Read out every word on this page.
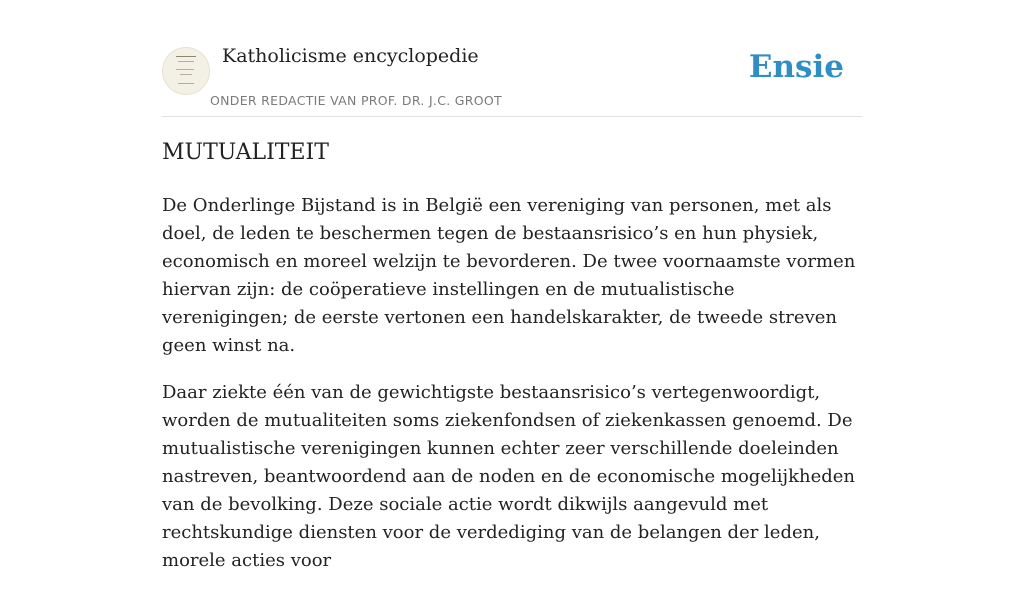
Katholicisme encyclopedie
ONDER REDACTIE VAN PROF. DR. J.C. GROOT
Ensie
MUTUALITEIT

De Onderlinge Bijstand is in België een vereniging van personen, met als doel, de leden te beschermen tegen de bestaansrisico’s en hun physiek, economisch en moreel welzijn te bevorderen. De twee voornaamste vormen hiervan zijn: de coöperatieve instellingen en de mutualistische verenigingen; de eerste vertonen een handelskarakter, de tweede streven geen winst na.

Daar ziekte één van de gewichtigste bestaansrisico’s vertegenwoordigt, worden de mutualiteiten soms ziekenfondsen of ziekenkassen genoemd. De mutualistische verenigingen kunnen echter zeer verschillende doeleinden nastreven, beantwoordend aan de noden en de economische mogelijkheden van de bevolking. Deze sociale actie wordt dikwijls aangevuld met rechtskundige diensten voor de verdediging van de belangen der leden, morele acties voor
